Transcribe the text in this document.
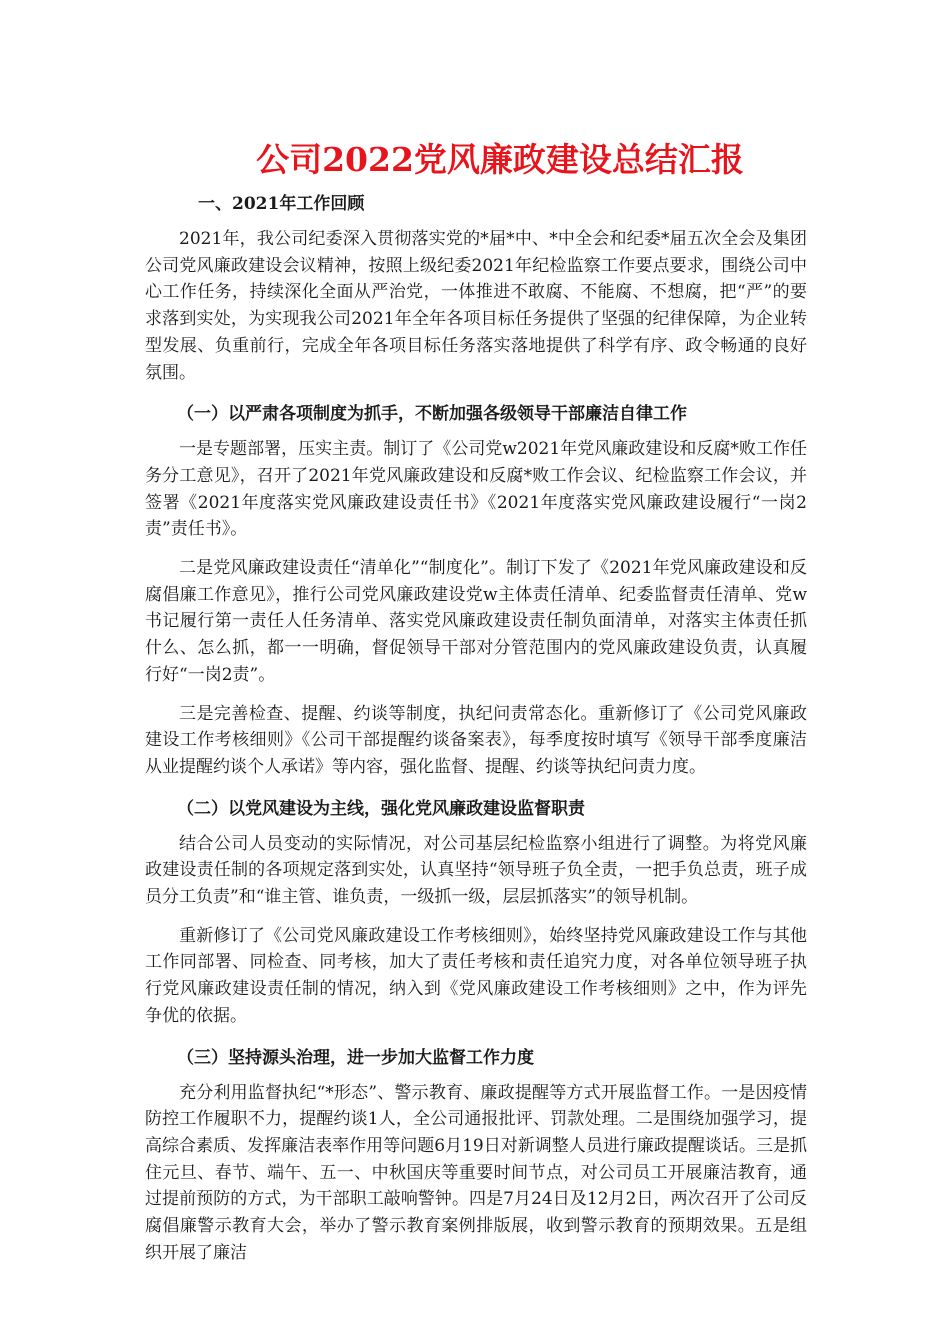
公司2022党风廉政建设总结汇报
一、2021年工作回顾

2021年，我公司纪委深入贯彻落实党的*届*中、*中全会和纪委*届五次全会及集团公司党风廉政建设会议精神，按照上级纪委2021年纪检监察工作要点要求，围绕公司中心工作任务，持续深化全面从严治党，一体推进不敢腐、不能腐、不想腐，把“严”的要求落到实处，为实现我公司2021年全年各项目标任务提供了坚强的纪律保障，为企业转型发展、负重前行，完成全年各项目标任务落实落地提供了科学有序、政令畅通的良好氛围。

（一）以严肃各项制度为抓手，不断加强各级领导干部廉洁自律工作

一是专题部署，压实主责。制订了《公司党w2021年党风廉政建设和反腐*败工作任务分工意见》，召开了2021年党风廉政建设和反腐*败工作会议、纪检监察工作会议，并签署《2021年度落实党风廉政建设责任书》《2021年度落实党风廉政建设履行“一岗2责”责任书》。

二是党风廉政建设责任“清单化”“制度化”。制订下发了《2021年党风廉政建设和反腐倡廉工作意见》，推行公司党风廉政建设党w主体责任清单、纪委监督责任清单、党w书记履行第一责任人任务清单、落实党风廉政建设责任制负面清单，对落实主体责任抓什么、怎么抓，都一一明确，督促领导干部对分管范围内的党风廉政建设负责，认真履行好“一岗2责”。

三是完善检查、提醒、约谈等制度，执纪问责常态化。重新修订了《公司党风廉政建设工作考核细则》《公司干部提醒约谈备案表》，每季度按时填写《领导干部季度廉洁从业提醒约谈个人承诺》等内容，强化监督、提醒、约谈等执纪问责力度。

（二）以党风建设为主线，强化党风廉政建设监督职责

结合公司人员变动的实际情况，对公司基层纪检监察小组进行了调整。为将党风廉政建设责任制的各项规定落到实处，认真坚持“领导班子负全责，一把手负总责，班子成员分工负责”和“谁主管、谁负责，一级抓一级，层层抓落实”的领导机制。

重新修订了《公司党风廉政建设工作考核细则》，始终坚持党风廉政建设工作与其他工作同部署、同检查、同考核，加大了责任考核和责任追究力度，对各单位领导班子执行党风廉政建设责任制的情况，纳入到《党风廉政建设工作考核细则》之中，作为评先争优的依据。

（三）坚持源头治理，进一步加大监督工作力度

充分利用监督执纪“*形态”、警示教育、廉政提醒等方式开展监督工作。一是因疫情防控工作履职不力，提醒约谈1人，全公司通报批评、罚款处理。二是围绕加强学习，提高综合素质、发挥廉洁表率作用等问题6月19日对新调整人员进行廉政提醒谈话。三是抓住元旦、春节、端午、五一、中秋国庆等重要时间节点，对公司员工开展廉洁教育，通过提前预防的方式，为干部职工敲响警钟。四是7月24日及12月2日，两次召开了公司反腐倡廉警示教育大会，举办了警示教育案例排版展，收到警示教育的预期效果。五是组织开展了廉洁
